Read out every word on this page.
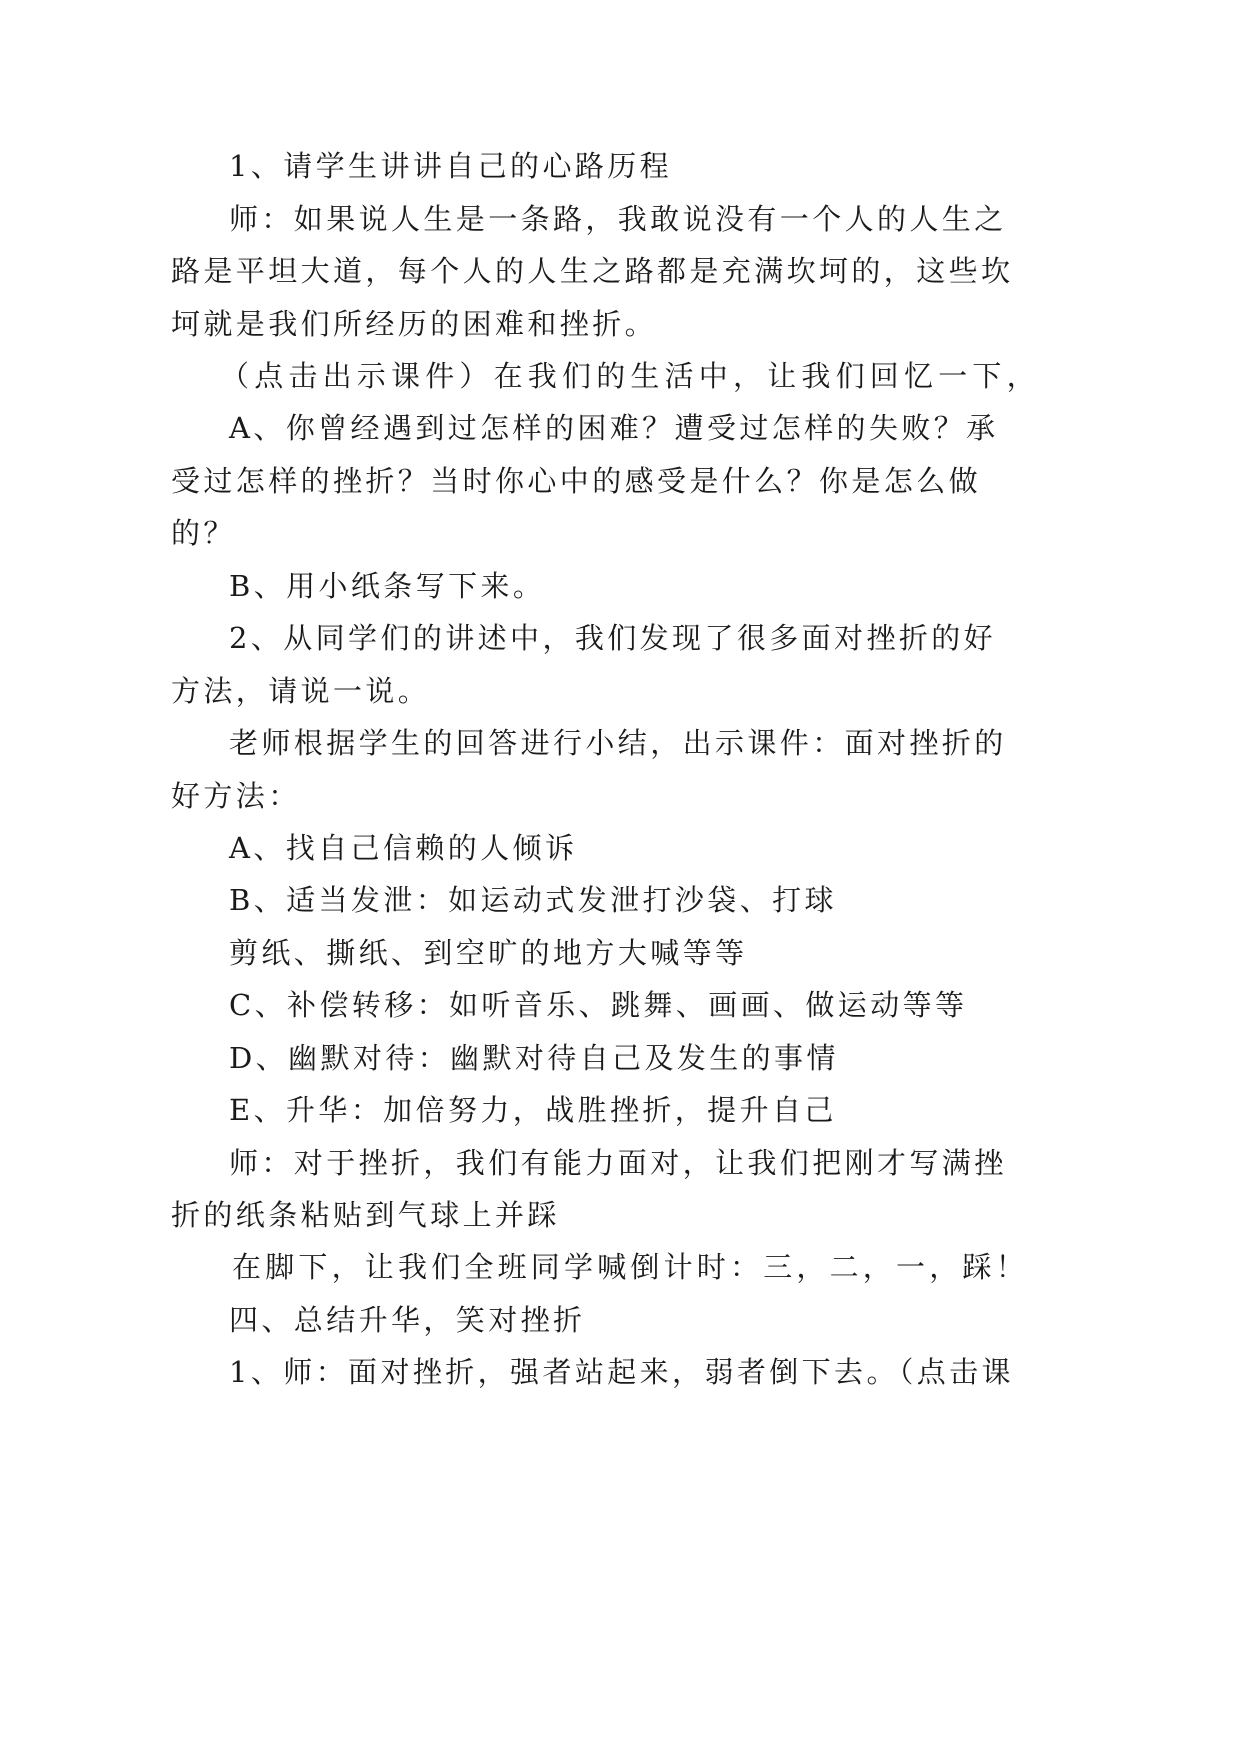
1、请学生讲讲自己的心路历程

师：如果说人生是一条路，我敢说没有一个人的人生之

路是平坦大道，每个人的人生之路都是充满坎坷的，这些坎

坷就是我们所经历的困难和挫折。

（点击出示课件）在我们的生活中，让我们回忆一下，

A、你曾经遇到过怎样的困难？遭受过怎样的失败？承

受过怎样的挫折？当时你心中的感受是什么？你是怎么做

的？

B、用小纸条写下来。

2、从同学们的讲述中，我们发现了很多面对挫折的好

方法，请说一说。

老师根据学生的回答进行小结，出示课件：面对挫折的

好方法：

A、找自己信赖的人倾诉

B、适当发泄：如运动式发泄打沙袋、打球

剪纸、撕纸、到空旷的地方大喊等等

C、补偿转移：如听音乐、跳舞、画画、做运动等等

D、幽默对待：幽默对待自己及发生的事情

E、升华：加倍努力，战胜挫折，提升自己

师：对于挫折，我们有能力面对，让我们把刚才写满挫

折的纸条粘贴到气球上并踩

在脚下，让我们全班同学喊倒计时：三，二，一，踩！

四、总结升华，笑对挫折

1、师：面对挫折，强者站起来，弱者倒下去。（点击课
